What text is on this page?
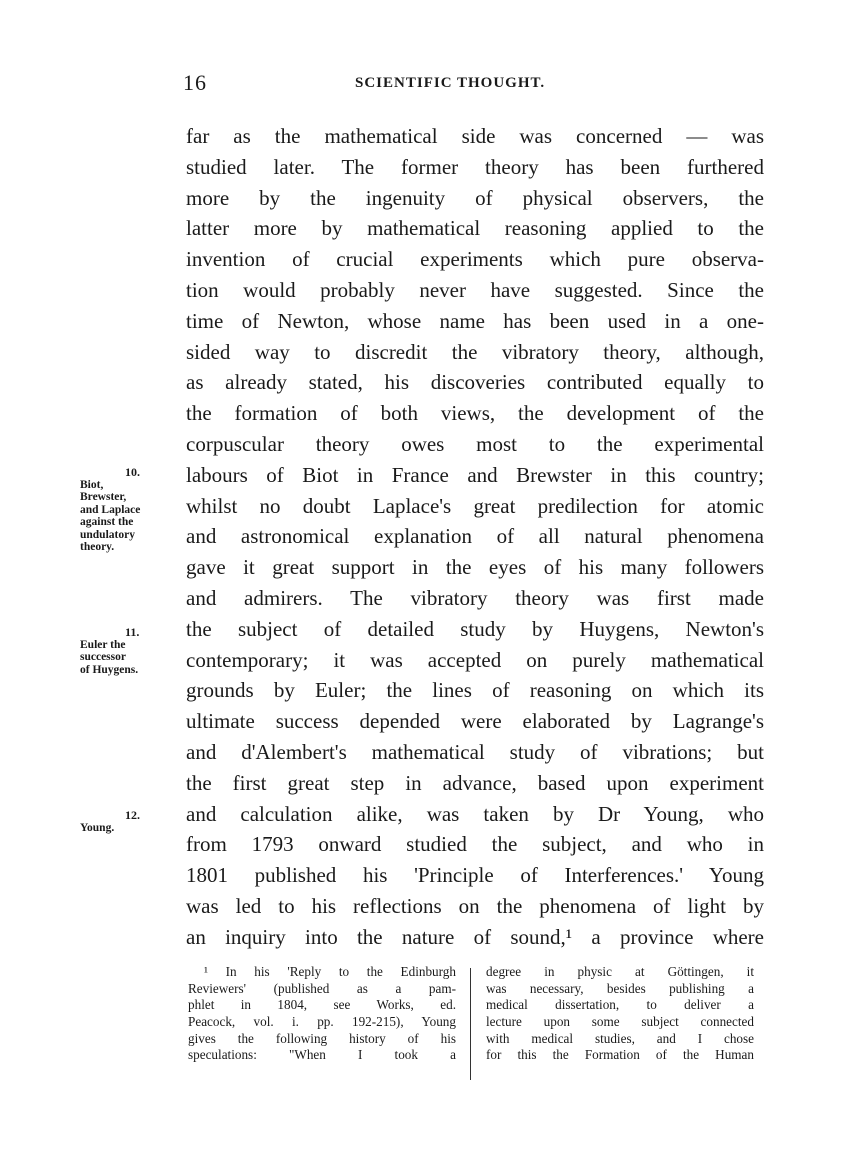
16	SCIENTIFIC THOUGHT.
far as the mathematical side was concerned — was
studied later. The former theory has been furthered
more by the ingenuity of physical observers, the
latter more by mathematical reasoning applied to the
invention of crucial experiments which pure observa-
tion would probably never have suggested. Since the
time of Newton, whose name has been used in a one-
sided way to discredit the vibratory theory, although,
as already stated, his discoveries contributed equally to
the formation of both views, the development of the
corpuscular theory owes most to the experimental
labours of Biot in France and Brewster in this country;
whilst no doubt Laplace's great predilection for atomic
and astronomical explanation of all natural phenomena
gave it great support in the eyes of his many followers
and admirers. The vibratory theory was first made
the subject of detailed study by Huygens, Newton's
contemporary; it was accepted on purely mathematical
grounds by Euler; the lines of reasoning on which its
ultimate success depended were elaborated by Lagrange's
and d'Alembert's mathematical study of vibrations; but
the first great step in advance, based upon experiment
and calculation alike, was taken by Dr Young, who
from 1793 onward studied the subject, and who in
1801 published his 'Principle of Interferences.' Young
was led to his reflections on the phenomena of light by
an inquiry into the nature of sound,¹ a province where
10.
Biot,
Brewster,
and Laplace
against the
undulatory
theory.
11.
Euler the
successor
of Huygens.
12.
Young.
¹ In his 'Reply to the Edinburgh
Reviewers' (published as a pam-
phlet in 1804, see Works, ed.
Peacock, vol. i. pp. 192-215), Young
gives the following history of his
speculations: "When I took a
degree in physic at Göttingen, it
was necessary, besides publishing a
medical dissertation, to deliver a
lecture upon some subject connected
with medical studies, and I chose
for this the Formation of the Human
